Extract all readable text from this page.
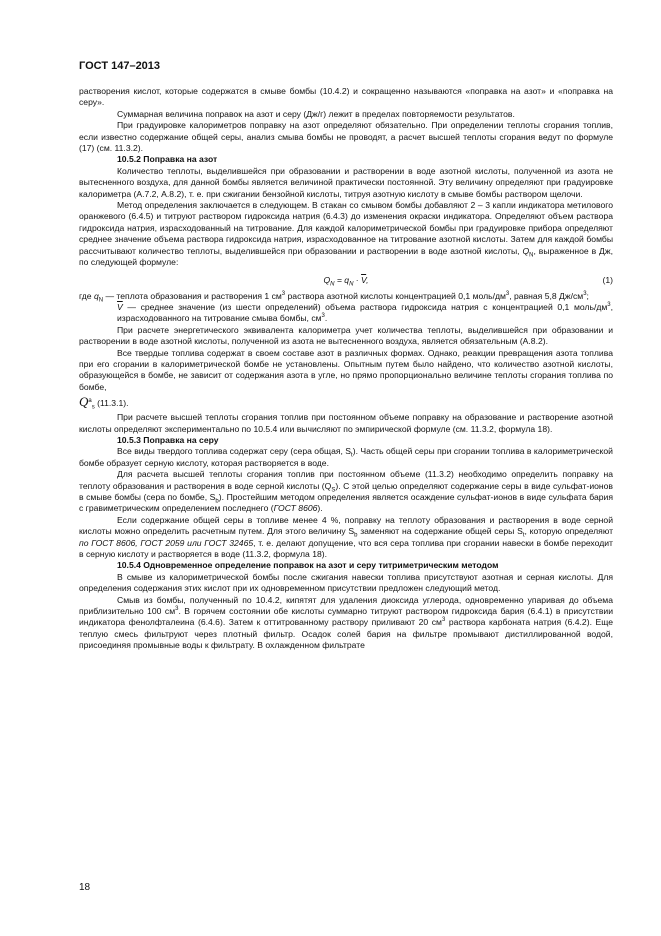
ГОСТ 147–2013

растворения кислот, которые содержатся в смыве бомбы (10.4.2) и сокращенно называются «поправка на азот» и «поправка на серу».

Суммарная величина поправок на азот и серу (Дж/г) лежит в пределах повторяемости результатов.

При градуировке калориметров поправку на азот определяют обязательно. При определении теплоты сгорания топлив, если известно содержание общей серы, анализ смыва бомбы не проводят, а расчет высшей теплоты сгорания ведут по формуле (17) (см. 11.3.2).

10.5.2 Поправка на азот

Количество теплоты, выделившейся при образовании и растворении в воде азотной кислоты, полученной из азота не вытесненного воздуха, для данной бомбы является величиной практически постоянной. Эту величину определяют при градуировке калориметра (А.7.2, А.8.2), т. е. при сжигании бензойной кислоты, титруя азотную кислоту в смыве бомбы раствором щелочи.

Метод определения заключается в следующем. В стакан со смывом бомбы добавляют 2 – 3 капли индикатора метилового оранжевого (6.4.5) и титруют раствором гидроксида натрия (6.4.3) до изменения окраски индикатора. Определяют объем раствора гидроксида натрия, израсходованный на титрование. Для каждой калориметрической бомбы при градуировке прибора определяют среднее значение объема раствора гидроксида натрия, израсходованное на титрование азотной кислоты. Затем для каждой бомбы рассчитывают количество теплоты, выделившейся при образовании и растворении в воде азотной кислоты, $Q_N$, выраженное в Дж, по следующей формуле:

$Q_N = q_N \cdot \overline{V}$,	(1)

где $q_N$ — теплота образования и растворения 1 $см^3$ раствора азотной кислоты концентрацией 0,1 моль/$дм^3$, равная 5,8 $Дж/см^3$;

$\overline{V}$ — среднее значение (из шести определений) объема раствора гидроксида натрия с концентрацией 0,1 моль/$дм^3$, израсходованного на титрование смыва бомбы, $см^3$.

При расчете энергетического эквивалента калориметра учет количества теплоты, выделившейся при образовании и растворении в воде азотной кислоты, полученной из азота не вытесненного воздуха, является обязательным (А.8.2).

Все твердые топлива содержат в своем составе азот в различных формах. Однако, реакции превращения азота топлива при его сгорании в калориметрической бомбе не установлены. Опытным путем было найдено, что количество азотной кислоты, образующейся в бомбе, не зависит от содержания азота в угле, но прямо пропорционально величине теплоты сгорания топлива по бомбе,

$Q^a_s$ (11.3.1).

При расчете высшей теплоты сгорания топлив при постоянном объеме поправку на образование и растворение азотной кислоты определяют экспериментально по 10.5.4 или вычисляют по эмпирической формуле (см. 11.3.2, формула 18).

10.5.3 Поправка на серу

Все виды твердого топлива содержат серу (сера общая, $S_t$). Часть общей серы при сгорании топлива в калориметрической бомбе образует серную кислоту, которая растворяется в воде.

Для расчета высшей теплоты сгорания топлив при постоянном объеме (11.3.2) необходимо определить поправку на теплоту образования и растворения в воде серной кислоты $(Q_S)$. С этой целью определяют содержание серы в виде сульфат-ионов в смыве бомбы (сера по бомбе, $S_b$). Простейшим методом определения является осаждение сульфат-ионов в виде сульфата бария с гравиметрическим определением последнего (ГОСТ 8606).

Если содержание общей серы в топливе менее 4 %, поправку на теплоту образования и растворения в воде серной кислоты можно определить расчетным путем. Для этого величину $S_b$ заменяют на содержание общей серы $S_t$, которую определяют по ГОСТ 8606, ГОСТ 2059 или ГОСТ 32465, т. е. делают допущение, что вся сера топлива при сгорании навески в бомбе переходит в серную кислоту и растворяется в воде (11.3.2, формула 18).

10.5.4 Одновременное определение поправок на азот и серу титриметрическим методом

В смыве из калориметрической бомбы после сжигания навески топлива присутствуют азотная и серная кислоты. Для определения содержания этих кислот при их одновременном присутствии предложен следующий метод.

Смыв из бомбы, полученный по 10.4.2, кипятят для удаления диоксида углерода, одновременно упаривая до объема приблизительно 100 $см^3$. В горячем состоянии обе кислоты суммарно титруют раствором гидроксида бария (6.4.1) в присутствии индикатора фенолфталеина (6.4.6). Затем к оттитрованному раствору приливают 20 $см^3$ раствора карбоната натрия (6.4.2). Еще теплую смесь фильтруют через плотный фильтр. Осадок солей бария на фильтре промывают дистиллированной водой, присоединяя промывные воды к фильтрату. В охлажденном фильтрате

18
